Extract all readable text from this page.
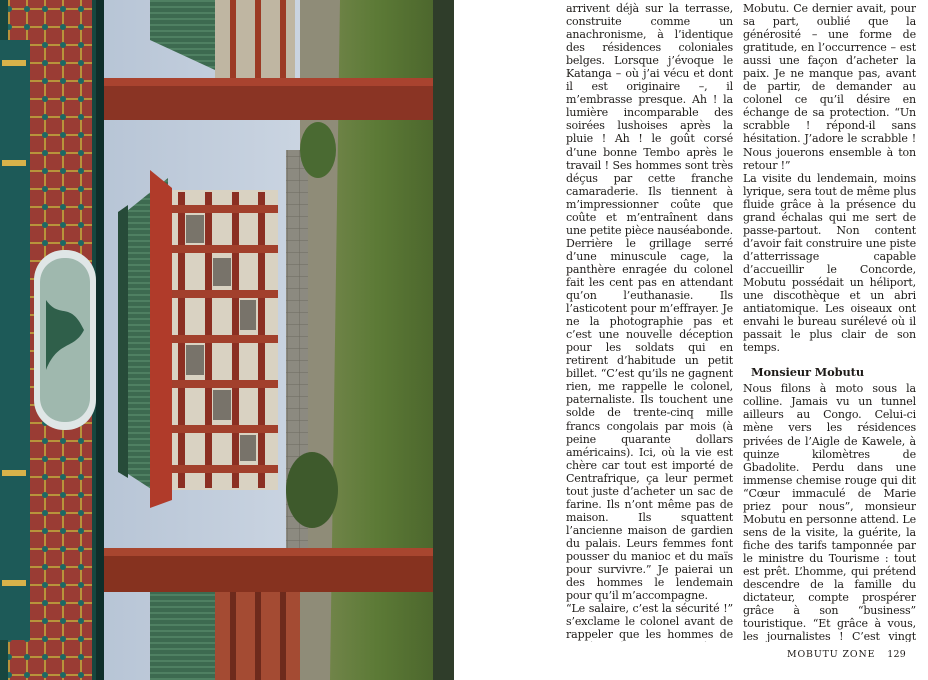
arrivent déjà sur la terrasse, construite comme un anachronisme, à l’identique des résidences coloniales belges. Lorsque j’évoque le Katanga – où j’ai vécu et dont il est originaire –, il m’embrasse presque. Ah ! la lumière incomparable des soirées lushoises après la pluie ! Ah ! le goût corsé d’une bonne Tembo après le travail ! Ses hommes sont très déçus par cette franche camaraderie. Ils tiennent à m’impressionner coûte que coûte et m’entraînent dans une petite pièce nauséabonde. Derrière le grillage serré d’une minuscule cage, la panthère enragée du colonel fait les cent pas en attendant qu’on l’euthanasie. Ils l’asticotent pour m’effrayer. Je ne la photographie pas et c’est une nouvelle déception pour les soldats qui en retirent d’habitude un petit billet. “C’est qu’ils ne gagnent rien, me rappelle le colonel, paternaliste. Ils touchent une solde de trente-cinq mille francs congolais par mois (à peine quarante dollars américains). Ici, où la vie est chère car tout est importé de Centrafrique, ça leur permet tout juste d’acheter un sac de farine. Ils n’ont même pas de maison. Ils squattent l’ancienne maison de gardien du palais. Leurs femmes font pousser du manioc et du maïs pour survivre.” Je paierai un des hommes le lendemain pour qu’il m’accompagne.

“Le salaire, c’est la sécurité !” s’exclame le colonel avant de rappeler que les hommes de

Mobutu. Ce dernier avait, pour sa part, oublié que la générosité – une forme de gratitude, en l’occurrence – est aussi une façon d’acheter la paix. Je ne manque pas, avant de partir, de demander au colonel ce qu’il désire en échange de sa protection. “Un scrabble ! répond-il sans hésitation. J’adore le scrabble ! Nous jouerons ensemble à ton retour !”

La visite du lendemain, moins lyrique, sera tout de même plus fluide grâce à la présence du grand échalas qui me sert de passe-partout. Non content d’avoir fait construire une piste d’atterrissage capable d’accueillir le Concorde, Mobutu possédait un héliport, une discothèque et un abri antiatomique. Les oiseaux ont envahi le bureau surélevé où il passait le plus clair de son temps.

Monsieur Mobutu

Nous filons à moto sous la colline. Jamais vu un tunnel ailleurs au Congo. Celui-ci mène vers les résidences privées de l’Aigle de Kawele, à quinze kilomètres de Gbadolite. Perdu dans une immense chemise rouge qui dit “Cœur immaculé de Marie priez pour nous”, monsieur Mobutu en personne attend. Le sens de la visite, la guérite, la fiche des tarifs tamponnée par le ministre du Tourisme : tout est prêt. L’homme, qui prétend descendre de la famille du dictateur, compte prospérer grâce à son “business” touristique. “Et grâce à vous, les journalistes ! C’est vingt

MOBUTU ZONE 129
